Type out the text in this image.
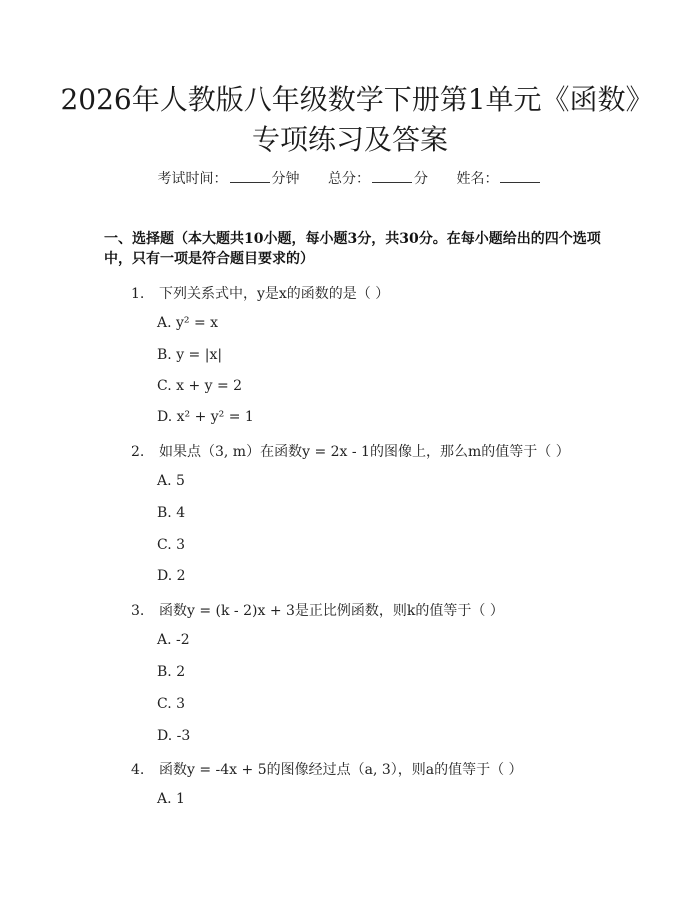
2026年人教版八年级数学下册第1单元《函数》专项练习及答案
考试时间：	分钟 总分：	分 姓名：
一、选择题（本大题共10小题，每小题3分，共30分。在每小题给出的四个选项中，只有一项是符合题目要求的）
1. 下列关系式中，y是x的函数的是（ ）
A. y² = x
B. y = |x|
C. x + y = 2
D. x² + y² = 1
2. 如果点（3, m）在函数y = 2x - 1的图像上，那么m的值等于（ ）
A. 5
B. 4
C. 3
D. 2
3. 函数y = (k - 2)x + 3是正比例函数，则k的值等于（ ）
A. -2
B. 2
C. 3
D. -3
4. 函数y = -4x + 5的图像经过点（a, 3），则a的值等于（ ）
A. 1
